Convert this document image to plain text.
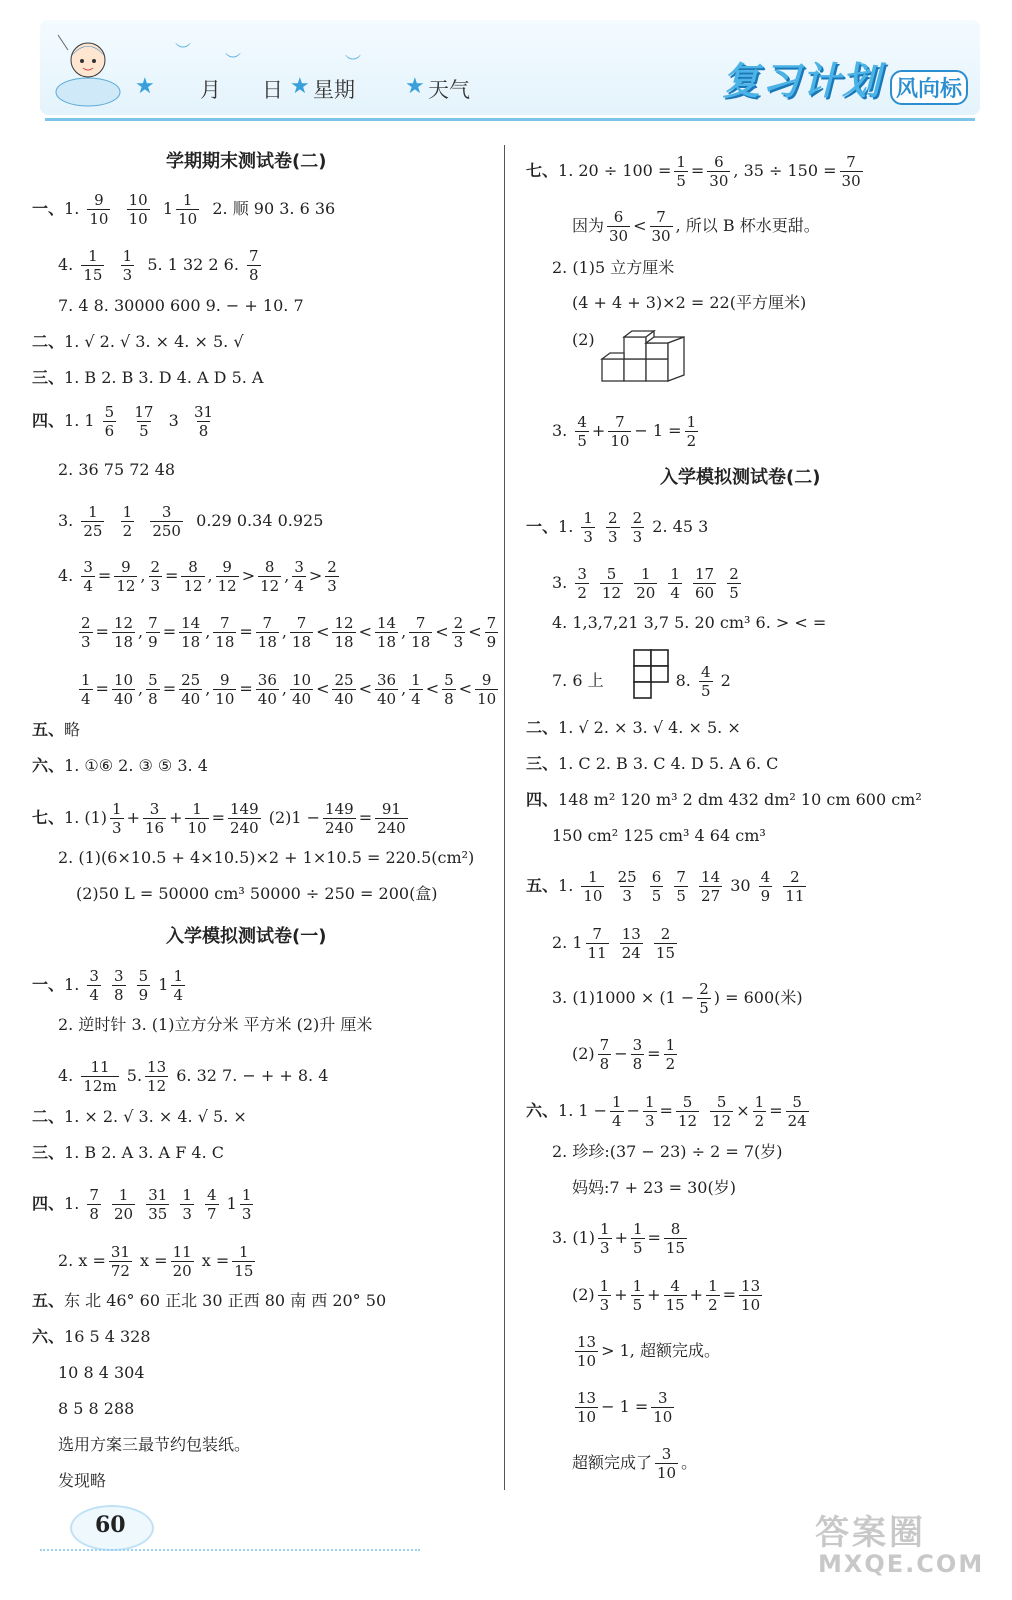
★ 月 日 ★ 星期 ★ 天气
︶
︶	︶	复习计划 风向标
学期期末测试卷(二)
一、1. $\frac{9}{10}$
$\frac{10}{10} 1 \frac{1}{10} 2$. 顺 90 3. 6 36
4. $\frac{1}{15}$
$\frac{1}{3} 5$. 1 32 2 6. $\frac{7}{8}$
7. 4 8. 30000 600 9. − + 10. 7
二、1. √ 2. √ 3. × 4. × 5. √
三、1. B 2. B 3. D 4. A D 5. A
四、1. $1 \frac{5}{6}$
$\frac{17}{5} 3 \frac{31}{8}$
2. 36 75 72 48
3. $\frac{1}{25}$
$\frac{1}{2}$
$\frac{3}{250} 0.29$ 0.34 0.925
4. $\frac{3}{4} = \frac{9}{12}$ , $\frac{2}{3} = \frac{8}{12}$ , $\frac{9}{12} > \frac{8}{12}$ , $\frac{3}{4} > \frac{2}{3}$
$\frac{2}{3} = \frac{12}{18}$ , $\frac{7}{9} = \frac{14}{18}$ , $\frac{7}{18} = \frac{7}{18}$ , $\frac{7}{18} < \frac{12}{18} < \frac{14}{18}$ , $\frac{7}{18} < \frac{2}{3} < \frac{7}{9}$
$\frac{1}{4} = \frac{10}{40}$ , $\frac{5}{8} = \frac{25}{40}$ , $\frac{9}{10} = \frac{36}{40}$ , $\frac{10}{40} < \frac{25}{40} < \frac{36}{40}$ , $\frac{1}{4} < \frac{5}{8} < \frac{9}{10}$
五、略
六、1. ①⑥ 2. ③ ⑤ 3. 4
七、1. $(1) \frac{1}{3} + \frac{3}{16} + \frac{1}{10} = \frac{149}{240} (2)1 - \frac{149}{240} = \frac{91}{240}$
2. (1)(6×10.5 + 4×10.5)×2 + 1×10.5 = 220.5(cm²)
(2)50 L = 50000 cm³ 50000 ÷ 250 = 200(盒)
入学模拟测试卷(一)
一、1. $\frac{3}{4}$
$\frac{3}{8}$
$\frac{5}{9} 1 \frac{1}{4}$
2. 逆时针 3. (1)立方分米 平方米 (2)升 厘米
4. $\frac{11}{12m} 5$. $\frac{13}{12} 6$. 32 7. − + + 8. 4
二、1. × 2. √ 3. × 4. √ 5. ×
三、1. B 2. A 3. A F 4. C
四、1. $\frac{7}{8}$
$\frac{1}{20}$
$\frac{31}{35}$
$\frac{1}{3}$
$\frac{4}{7} 1 \frac{1}{3}$
2. $x = \frac{31}{72}$ $x = \frac{11}{20}$ $x = \frac{1}{15}$
五、东 北 46° 60 正北 30 正西 80 南 西 20° 50
六、16 5 4 328
10 8 4 304
8 5 8 288
选用方案三最节约包装纸。
发现略
七、1. $20 \div 100 = \frac{1}{5} = \frac{6}{30}$ , $35 \div 150 = \frac{7}{30}$
因为 $\frac{6}{30} < \frac{7}{30}$ , 所以 B 杯水更甜。
2. (1)5 立方厘米
(4 + 4 + 3)×2 = 22(平方厘米)
(2)
3. $\frac{4}{5} + \frac{7}{10} - 1 = \frac{1}{2}$
入学模拟测试卷(二)
一、1. $\frac{1}{3}$
$\frac{2}{3}$
$\frac{2}{3} 2$. 45 3
3. $\frac{3}{2}$
$\frac{5}{12}$
$\frac{1}{20}$
$\frac{1}{4}$
$\frac{17}{60}$
$\frac{2}{5}$
4. 1,3,7,21 3,7 5. 20 cm³ 6. > < =
7. 6 上	8. $\frac{4}{5} 2$
二、1. √ 2. × 3. √ 4. × 5. ×
三、1. C 2. B 3. C 4. D 5. A 6. C
四、148 m² 120 m³ 2 dm 432 dm² 10 cm 600 cm²
150 cm² 125 cm³ 4 64 cm³
五、1. $\frac{1}{10}$
$\frac{25}{3}$
$\frac{6}{5}$
$\frac{7}{5}$
$\frac{14}{27} 30 \frac{4}{9}$
$\frac{2}{11}$
2. $1 \frac{7}{11}$
$\frac{13}{24}$
$\frac{2}{15}$
3. $(1)1000 \times (1 - \frac{2}{5}$ ) = 600(米)
$(2) \frac{7}{8} - \frac{3}{8} = \frac{1}{2}$
六、1. $1 - \frac{1}{4} - \frac{1}{3} = \frac{5}{12}$
$\frac{5}{12} \times \frac{1}{2} = \frac{5}{24}$
2. 珍珍:(37 − 23) ÷ 2 = 7(岁)
妈妈:7 + 23 = 30(岁)
3. $(1) \frac{1}{3} + \frac{1}{5} = \frac{8}{15}$
$(2) \frac{1}{3} + \frac{1}{5} + \frac{4}{15} + \frac{1}{2} = \frac{13}{10}$
$\frac{13}{10} > 1$, 超额完成。
$\frac{13}{10} - 1 = \frac{3}{10}$
超额完成了 $\frac{3}{10}$ 。
60	答案圈
MXQE.COM
